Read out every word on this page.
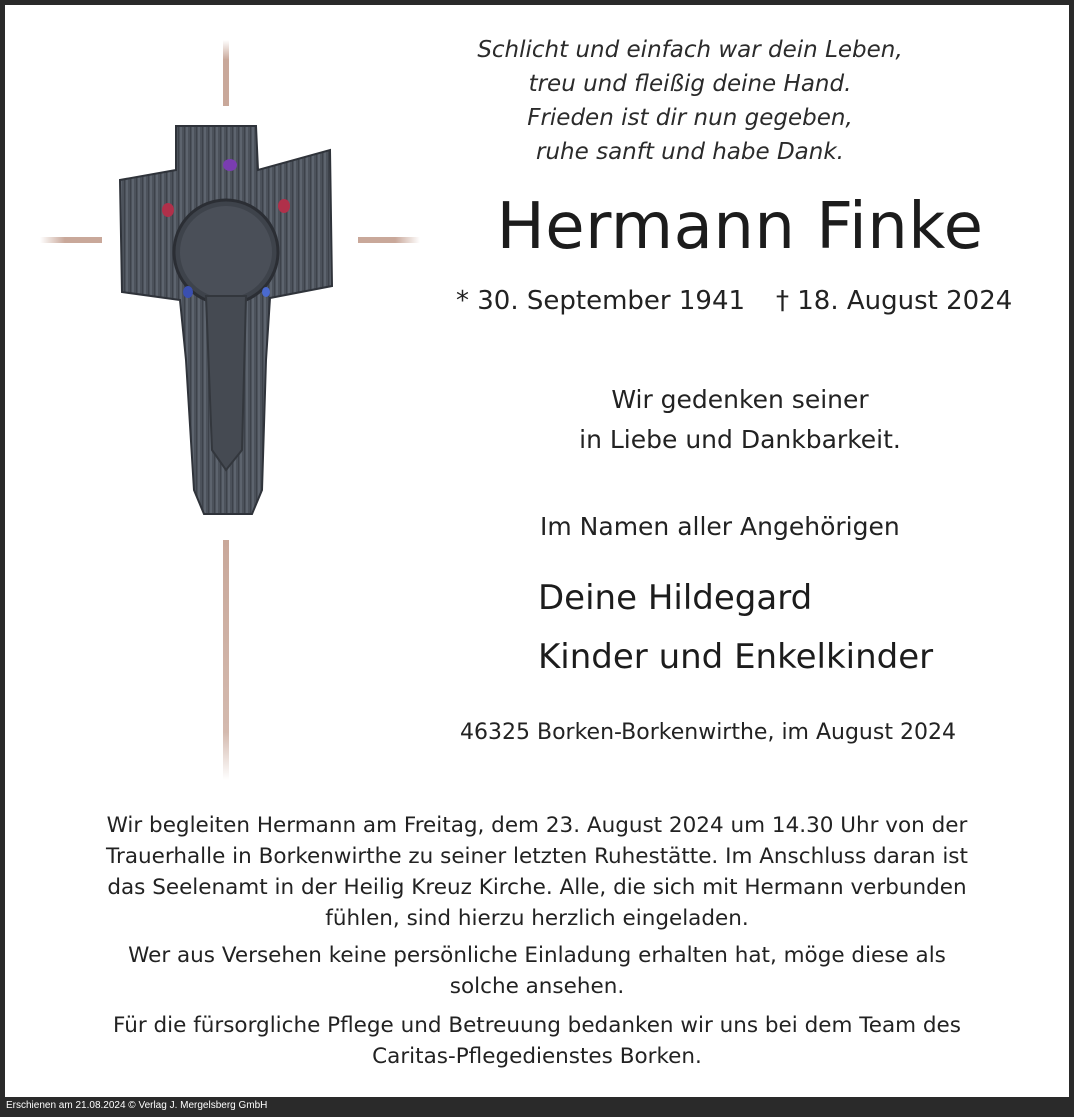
Schlicht und einfach war dein Leben,
treu und fleißig deine Hand.
Frieden ist dir nun gegeben,
ruhe sanft und habe Dank.
Hermann Finke
* 30. September 1941 † 18. August 2024
Wir gedenken seiner
in Liebe und Dankbarkeit.
Im Namen aller Angehörigen
Deine Hildegard
Kinder und Enkelkinder
46325 Borken-Borkenwirthe, im August 2024
Wir begleiten Hermann am Freitag, dem 23. August 2024 um 14.30 Uhr von der
Trauerhalle in Borkenwirthe zu seiner letzten Ruhestätte. Im Anschluss daran ist
das Seelenamt in der Heilig Kreuz Kirche. Alle, die sich mit Hermann verbunden
fühlen, sind hierzu herzlich eingeladen.
Wer aus Versehen keine persönliche Einladung erhalten hat, möge diese als
solche ansehen.
Für die fürsorgliche Pflege und Betreuung bedanken wir uns bei dem Team des
Caritas-Pflegedienstes Borken.
Erschienen am 21.08.2024 © Verlag J. Mergelsberg GmbH
